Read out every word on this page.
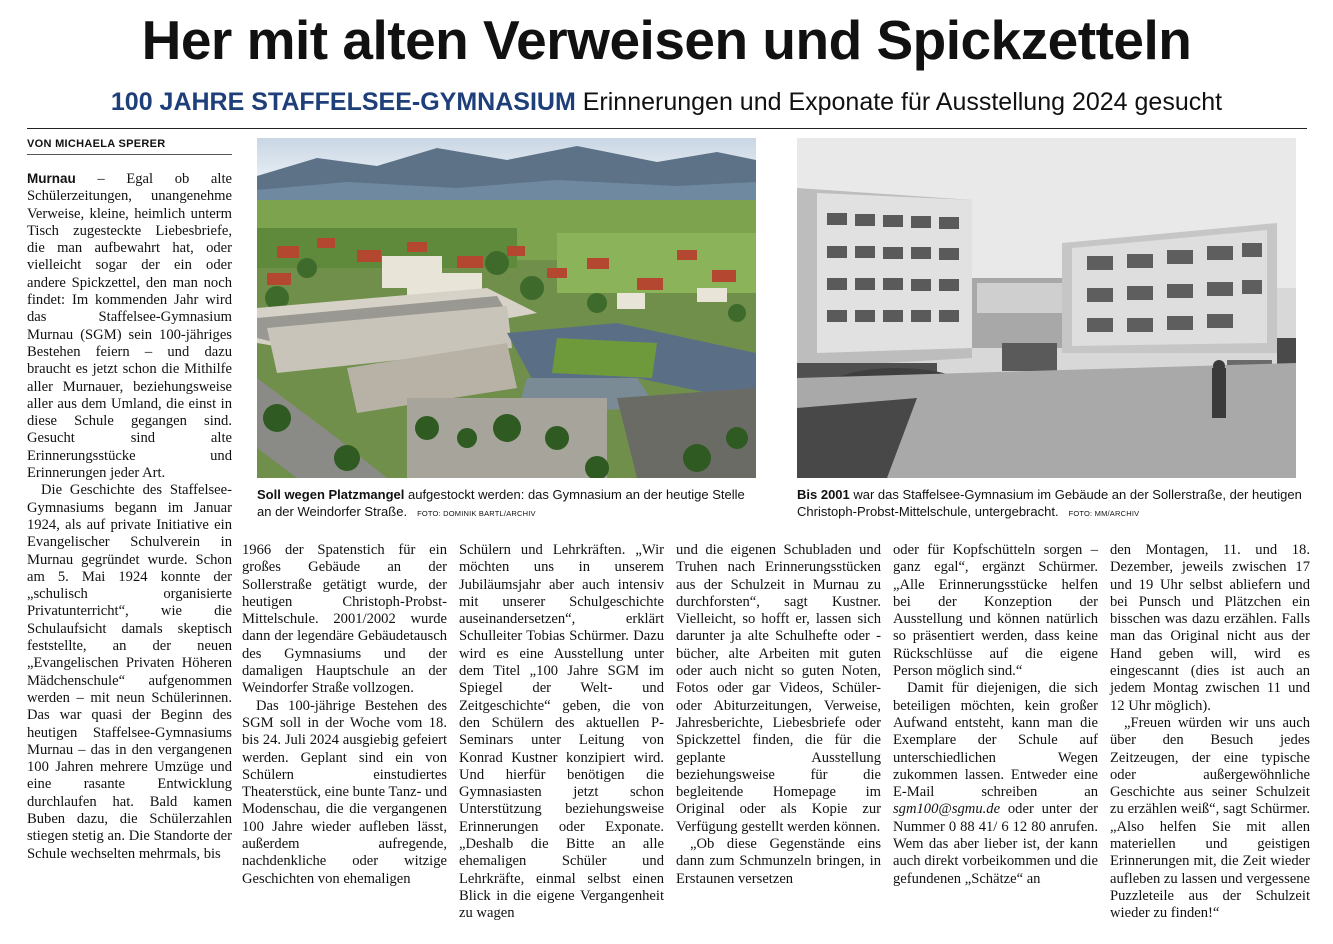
Her mit alten Verweisen und Spickzetteln
100 JAHRE STAFFELSEE-GYMNASIUM Erinnerungen und Exponate für Ausstellung 2024 gesucht
VON MICHAELA SPERER
Soll wegen Platzmangel aufgestockt werden: das Gymnasium an der heutige Stelle an der Weindorfer Straße. FOTO: DOMINIK BARTL/ARCHIV
Bis 2001 war das Staffelsee-Gymnasium im Gebäude an der Sollerstraße, der heutigen Christoph-Probst-Mittelschule, untergebracht. FOTO: MM/ARCHIV

Murnau – Egal ob alte Schülerzeitungen, unangenehme Verweise, kleine, heimlich unterm Tisch zugesteckte Liebesbriefe, die man aufbewahrt hat, oder vielleicht sogar der ein oder andere Spickzettel, den man noch findet: Im kommenden Jahr wird das Staffelsee-Gymnasium Murnau (SGM) sein 100-jähriges Bestehen feiern – und dazu braucht es jetzt schon die Mithilfe aller Murnauer, beziehungsweise aller aus dem Umland, die einst in diese Schule gegangen sind. Gesucht sind alte Erinnerungsstücke und Erinnerungen jeder Art.

Die Geschichte des Staffelsee-Gymnasiums begann im Januar 1924, als auf private Initiative ein Evangelischer Schulverein in Murnau gegründet wurde. Schon am 5. Mai 1924 konnte der „schulisch organisierte Privatunterricht“, wie die Schulaufsicht damals skeptisch feststellte, an der neuen „Evangelischen Privaten Höheren Mädchenschule“ aufgenommen werden – mit neun Schülerinnen. Das war quasi der Beginn des heutigen Staffelsee-Gymnasiums Murnau – das in den vergangenen 100 Jahren mehrere Umzüge und eine rasante Entwicklung durchlaufen hat. Bald kamen Buben dazu, die Schülerzahlen stiegen stetig an. Die Standorte der Schule wechselten mehrmals, bis

1966 der Spatenstich für ein großes Gebäude an der Sollerstraße getätigt wurde, der heutigen Christoph-Probst-Mittelschule. 2001/2002 wurde dann der legendäre Gebäudetausch des Gymnasiums und der damaligen Hauptschule an der Weindorfer Straße vollzogen.

Das 100-jährige Bestehen des SGM soll in der Woche vom 18. bis 24. Juli 2024 ausgiebig gefeiert werden. Geplant sind ein von Schülern einstudiertes Theaterstück, eine bunte Tanz- und Modenschau, die die vergangenen 100 Jahre wieder aufleben lässt, außerdem aufregende, nachdenkliche oder witzige Geschichten von ehemaligen

Schülern und Lehrkräften. „Wir möchten uns in unserem Jubiläumsjahr aber auch intensiv mit unserer Schulgeschichte auseinandersetzen“, erklärt Schulleiter Tobias Schürmer. Dazu wird es eine Ausstellung unter dem Titel „100 Jahre SGM im Spiegel der Welt- und Zeitgeschichte“ geben, die von den Schülern des aktuellen P-Seminars unter Leitung von Konrad Kustner konzipiert wird. Und hierfür benötigen die Gymnasiasten jetzt schon Unterstützung beziehungsweise Erinnerungen oder Exponate. „Deshalb die Bitte an alle ehemaligen Schüler und Lehrkräfte, einmal selbst einen Blick in die eigene Vergangenheit zu wagen

und die eigenen Schubladen und Truhen nach Erinnerungsstücken aus der Schulzeit in Murnau zu durchforsten“, sagt Kustner. Vielleicht, so hofft er, lassen sich darunter ja alte Schulhefte oder -bücher, alte Arbeiten mit guten oder auch nicht so guten Noten, Fotos oder gar Videos, Schüler- oder Abiturzeitungen, Verweise, Jahresberichte, Liebesbriefe oder Spickzettel finden, die für die geplante Ausstellung beziehungsweise für die begleitende Homepage im Original oder als Kopie zur Verfügung gestellt werden können.

„Ob diese Gegenstände eins dann zum Schmunzeln bringen, in Erstaunen versetzen

oder für Kopfschütteln sorgen – ganz egal“, ergänzt Schürmer. „Alle Erinnerungsstücke helfen bei der Konzeption der Ausstellung und können natürlich so präsentiert werden, dass keine Rückschlüsse auf die eigene Person möglich sind.“

Damit für diejenigen, die sich beteiligen möchten, kein großer Aufwand entsteht, kann man die Exemplare der Schule auf unterschiedlichen Wegen zukommen lassen. Entweder eine E-Mail schreiben an sgm100@sgmu.de oder unter der Nummer 0 88 41/ 6 12 80 anrufen. Wem das aber lieber ist, der kann auch direkt vorbeikommen und die gefundenen „Schätze“ an

den Montagen, 11. und 18. Dezember, jeweils zwischen 17 und 19 Uhr selbst abliefern und bei Punsch und Plätzchen ein bisschen was dazu erzählen. Falls man das Original nicht aus der Hand geben will, wird es eingescannt (dies ist auch an jedem Montag zwischen 11 und 12 Uhr möglich).

„Freuen würden wir uns auch über den Besuch jedes Zeitzeugen, der eine typische oder außergewöhnliche Geschichte aus seiner Schulzeit zu erzählen weiß“, sagt Schürmer. „Also helfen Sie mit allen materiellen und geistigen Erinnerungen mit, die Zeit wieder aufleben zu lassen und vergessene Puzzleteile aus der Schulzeit wieder zu finden!“
